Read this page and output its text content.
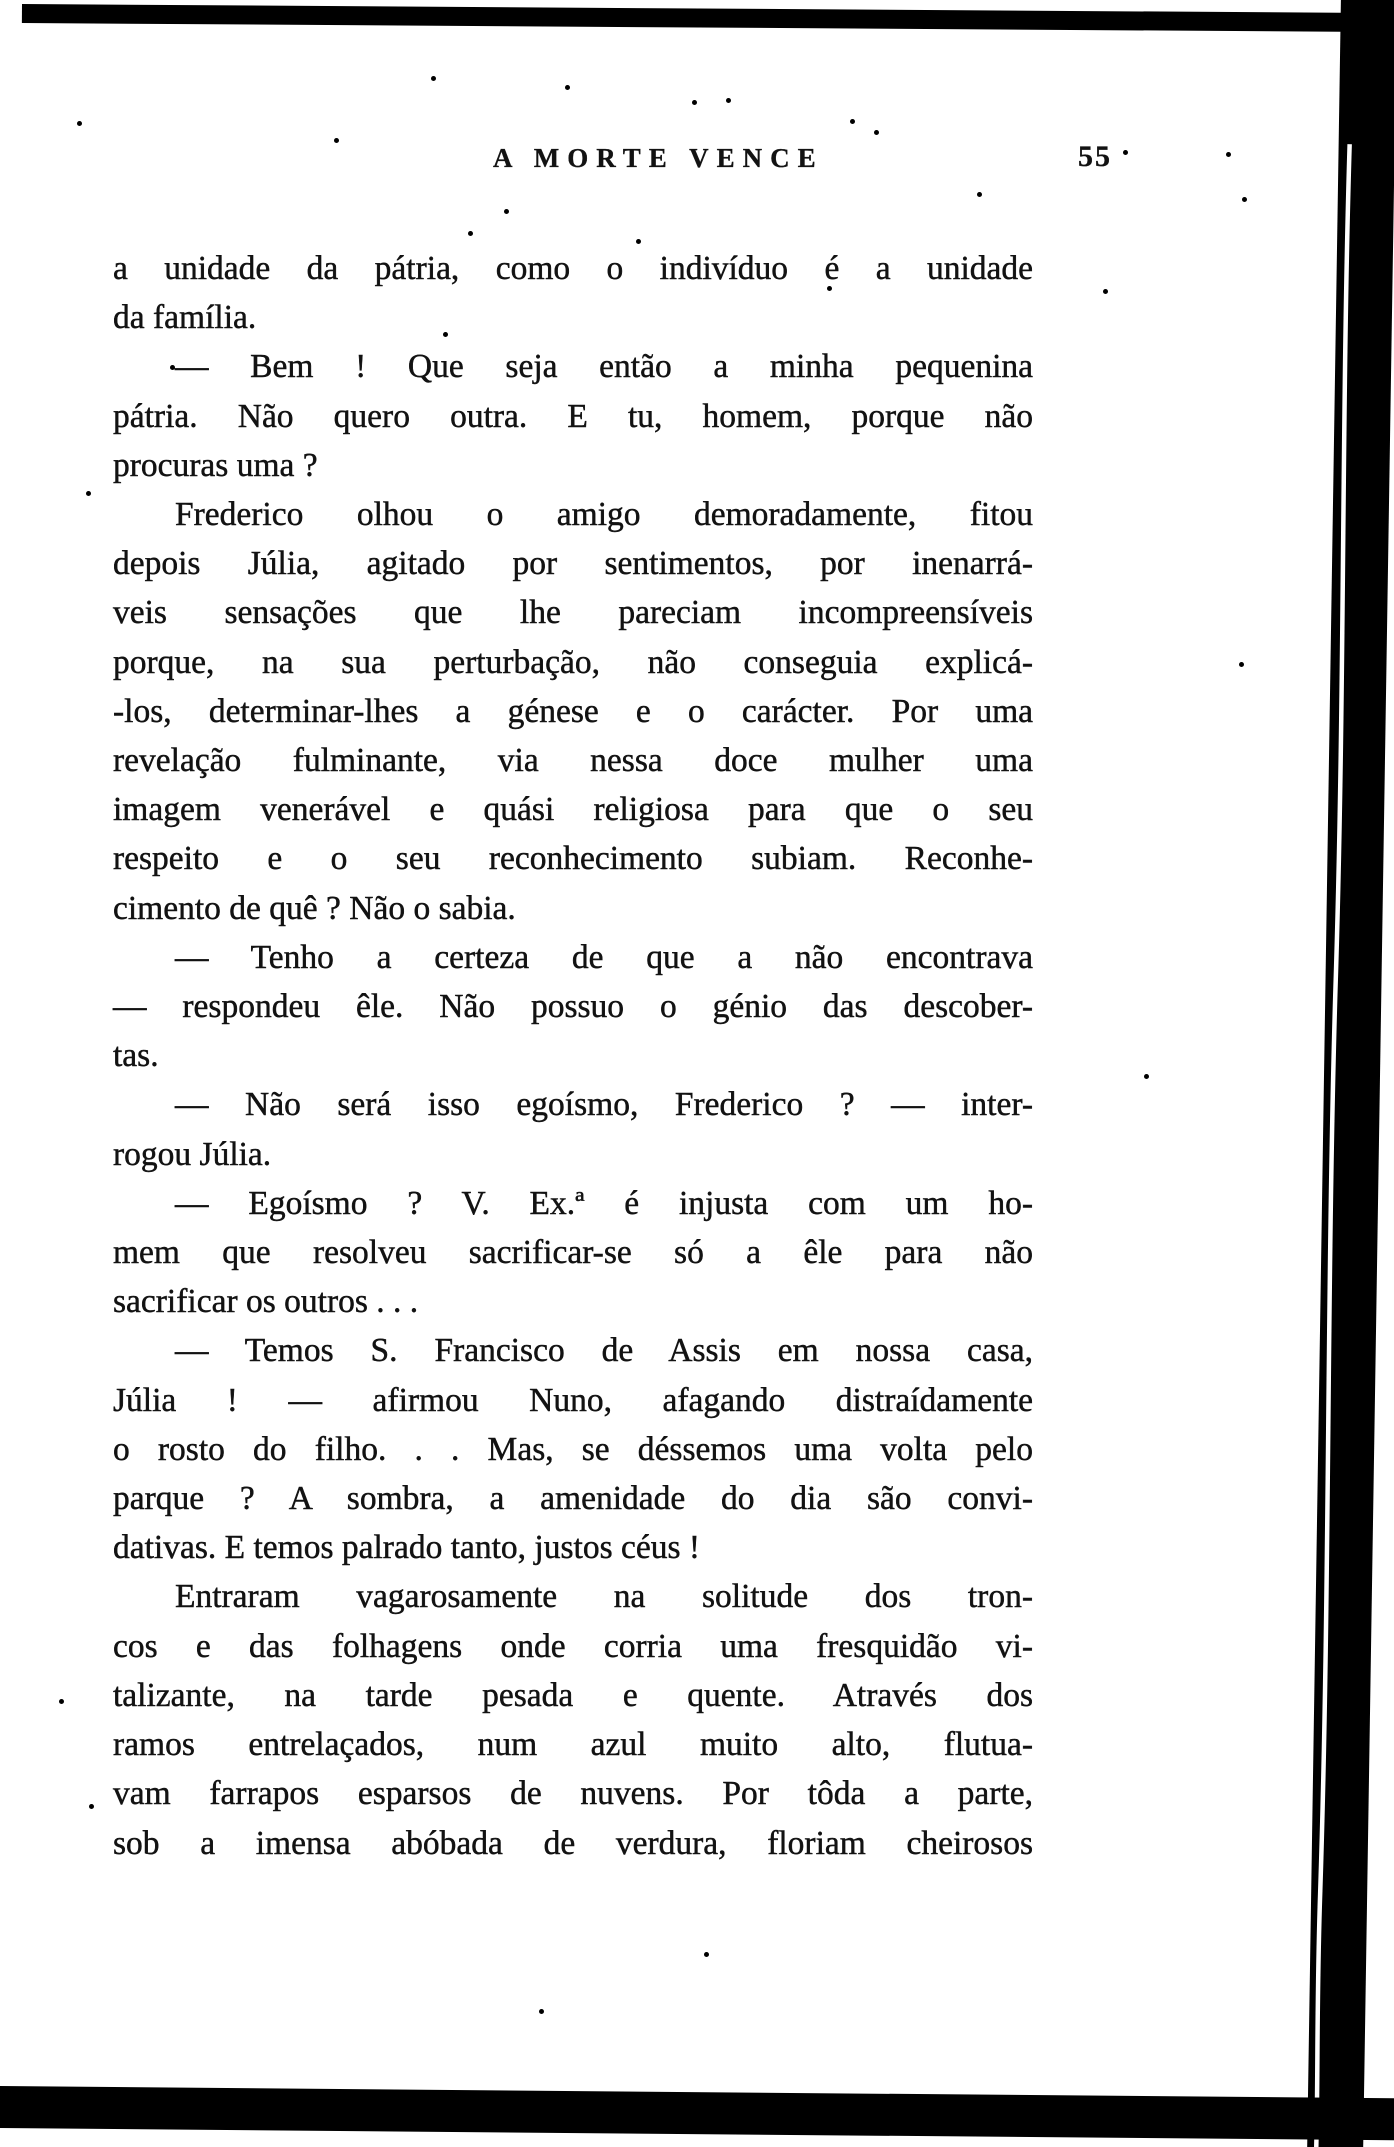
A MORTE VENCE	55
a unidade da pátria, como o indivíduo é a unidade
da família.
— Bem ! Que seja então a minha pequenina
pátria. Não quero outra. E tu, homem, porque não
procuras uma ?
Frederico olhou o amigo demoradamente, fitou
depois Júlia, agitado por sentimentos, por inenarrá-
veis sensações que lhe pareciam incompreensíveis
porque, na sua perturbação, não conseguia explicá-
-los, determinar-lhes a génese e o carácter. Por uma
revelação fulminante, via nessa doce mulher uma
imagem venerável e quási religiosa para que o seu
respeito e o seu reconhecimento subiam. Reconhe-
cimento de quê ? Não o sabia.
— Tenho a certeza de que a não encontrava
— respondeu êle. Não possuo o génio das descober-
tas.
— Não será isso egoísmo, Frederico ? — inter-
rogou Júlia.
— Egoísmo ? V. Ex.ª é injusta com um ho-
mem que resolveu sacrificar-se só a êle para não
sacrificar os outros . . .
— Temos S. Francisco de Assis em nossa casa,
Júlia ! — afirmou Nuno, afagando distraídamente
o rosto do filho. . . Mas, se déssemos uma volta pelo
parque ? A sombra, a amenidade do dia são convi-
dativas. E temos palrado tanto, justos céus !
Entraram vagarosamente na solitude dos tron-
cos e das folhagens onde corria uma fresquidão vi-
talizante, na tarde pesada e quente. Através dos
ramos entrelaçados, num azul muito alto, flutua-
vam farrapos esparsos de nuvens. Por tôda a parte,
sob a imensa abóbada de verdura, floriam cheirosos
